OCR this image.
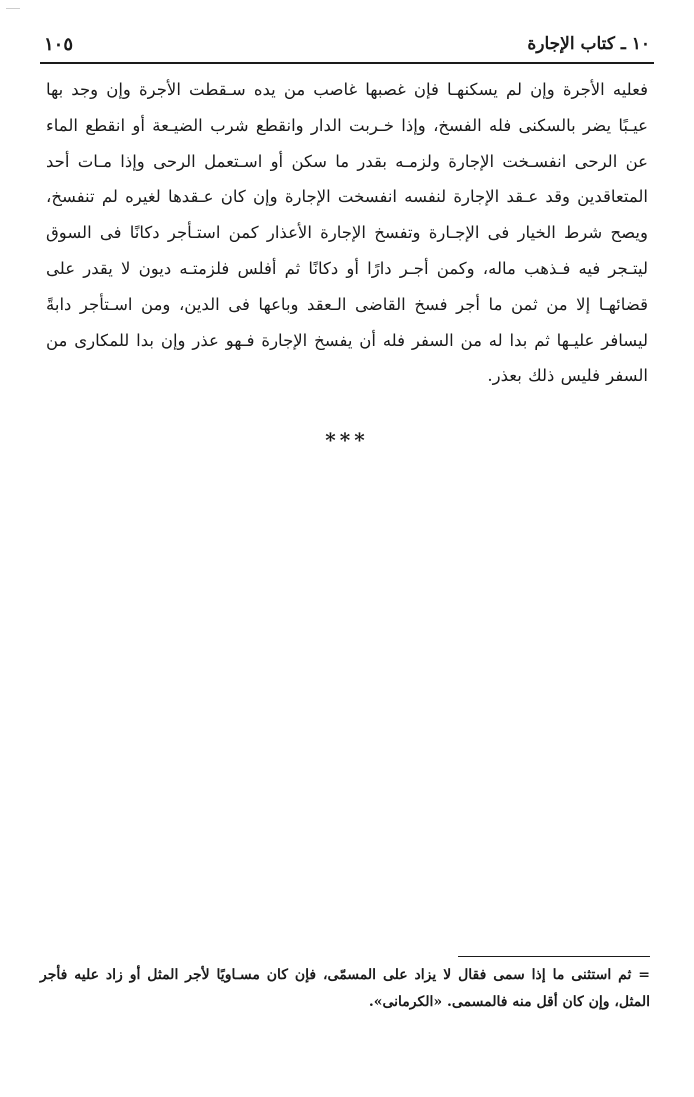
١٠ ـ كتاب الإجارة
١٠٥
فعليه الأجرة وإن لم يسكنهـا فإن غصبها غاصب من يده سـقطت الأجرة وإن وجد بها
عيـبًا يضر بالسكنى فله الفسخ، وإذا خـربت الدار وانقطع شرب الضيـعة أو انقطع الماء
عن الرحى انفسـخت الإجارة ولزمـه بقدر ما سكن أو اسـتعمل الرحى وإذا مـات أحد
المتعاقدين وقد عـقد الإجارة لنفسه انفسخت الإجارة وإن كان عـقدها لغيره لم تنفسخ،
ويصح شرط الخيار فى الإجـارة وتفسخ الإجارة الأعذار كمن استـأجر دكانًا فى السوق
ليتـجر فيه فـذهب ماله، وكمن أجـر دارًا أو دكانًا ثم أفلس فلزمتـه ديون لا يقدر على
قضائهـا إلا من ثمن ما أجر فسخ القاضى الـعقد وباعها فى الدين، ومن اسـتأجر دابةً
ليسافر عليـها ثم بدا له من السفر فله أن يفسخ الإجارة فـهو عذر وإن بدا للمكارى من
السفر فليس ذلك بعذر.
***
= ثم استثنى ما إذا سمى فقال لا يزاد على المسمّى، فإن كان مسـاويًا لأجر المثل أو زاد عليه فأجر
المثل، وإن كان أقل منه فالمسمى. «الكرمانى».
